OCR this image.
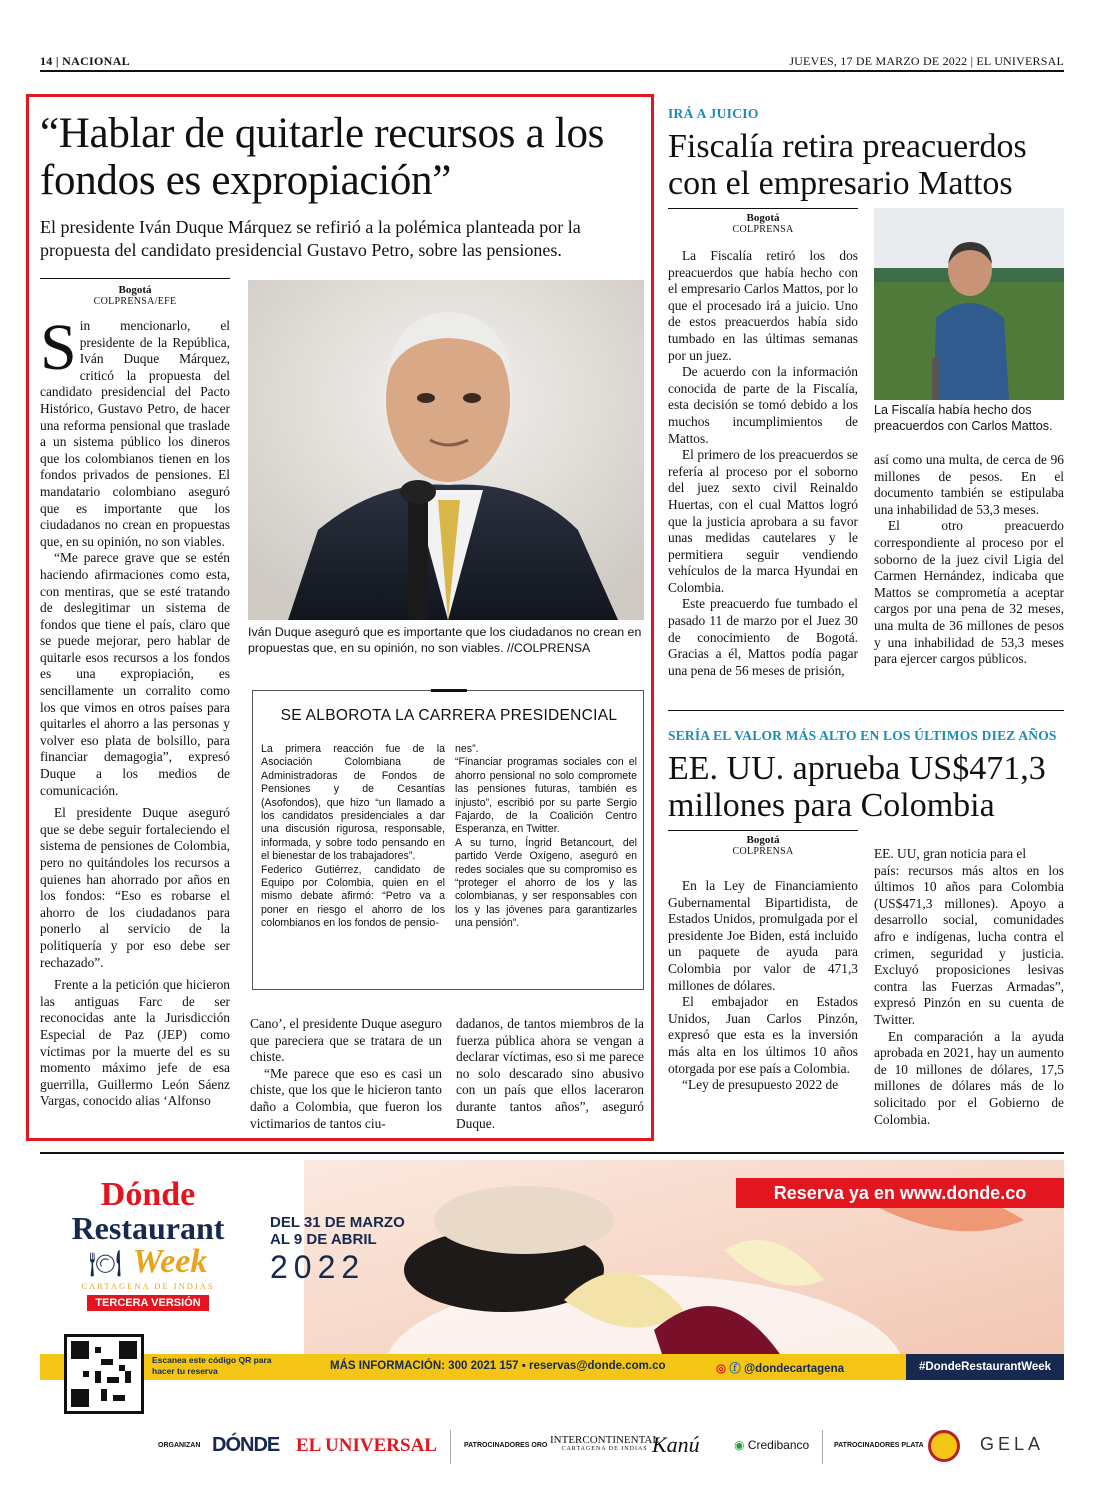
14 | NACIONAL	JUEVES, 17 DE MARZO DE 2022 | EL UNIVERSAL
“Hablar de quitarle recursos a los fondos es expropiación”

El presidente Iván Duque Márquez se refirió a la polémica planteada por la propuesta del candidato presidencial Gustavo Petro, sobre las pensiones.

Bogotá
COLPRENSA/EFE
S in mencionarlo, el presidente de la República, Iván Duque Márquez, criticó la propuesta del candidato presidencial del Pacto Histórico, Gustavo Petro, de hacer una reforma pensional que traslade a un sistema público los dineros que los colombianos tienen en los fondos privados de pensiones. El mandatario colombiano aseguró que es importante que los ciudadanos no crean en propuestas que, en su opinión, no son viables.

“Me parece grave que se estén haciendo afirmaciones como esta, con mentiras, que se esté tratando de deslegitimar un sistema de fondos que tiene el país, claro que se puede mejorar, pero hablar de quitarle esos recursos a los fondos es una expropiación, es sencillamente un corralito como los que vimos en otros países para quitarles el ahorro a las personas y volver eso plata de bolsillo, para financiar demagogia”, expresó Duque a los medios de comunicación.

El presidente Duque aseguró que se debe seguir fortaleciendo el sistema de pensiones de Colombia, pero no quitándoles los recursos a quienes han ahorrado por años en los fondos: “Eso es robarse el ahorro de los ciudadanos para ponerlo al servicio de la politiquería y por eso debe ser rechazado”.

Frente a la petición que hicieron las antiguas Farc de ser reconocidas ante la Jurisdicción Especial de Paz (JEP) como víctimas por la muerte del es su momento máximo jefe de esa guerrilla, Guillermo León Sáenz Vargas, conocido alias ‘Alfonso

Iván Duque aseguró que es importante que los ciudadanos no crean en propuestas que, en su opinión, no son viables. //COLPRENSA

SE ALBOROTA LA CARRERA PRESIDENCIAL

La primera reacción fue de la Asociación Colombiana de Administradoras de Fondos de Pensiones y de Cesantías (Asofondos), que hizo “un llamado a los candidatos presidenciales a dar una discusión rigurosa, responsable, informada, y sobre todo pensando en el bienestar de los trabajadores”.

Federico Gutiérrez, candidato de Equipo por Colombia, quien en el mismo debate afirmó: “Petro va a poner en riesgo el ahorro de los colombianos en los fondos de pensio-

nes”.

“Financiar programas sociales con el ahorro pensional no solo compromete las pensiones futuras, también es injusto”, escribió por su parte Sergio Fajardo, de la Coalición Centro Esperanza, en Twitter.

A su turno, Íngrid Betancourt, del partido Verde Oxígeno, aseguró en redes sociales que su compromiso es “proteger el ahorro de los y las colombianas, y ser responsables con los y las jóvenes para garantizarles una pensión”.

Cano’, el presidente Duque aseguro que pareciera que se tratara de un chiste.

“Me parece que eso es casi un chiste, que los que le hicieron tanto daño a Colombia, que fueron los victimarios de tantos ciu-

dadanos, de tantos miembros de la fuerza pública ahora se vengan a declarar víctimas, eso si me parece no solo descarado sino abusivo con un país que ellos laceraron durante tantos años”, aseguró Duque.

IRÁ A JUICIO
Fiscalía retira preacuerdos con el empresario Mattos
Bogotá
COLPRENSA

La Fiscalía retiró los dos preacuerdos que había hecho con el empresario Carlos Mattos, por lo que el procesado irá a juicio. Uno de estos preacuerdos había sido tumbado en las últimas semanas por un juez.

De acuerdo con la información conocida de parte de la Fiscalía, esta decisión se tomó debido a los muchos incumplimientos de Mattos.

El primero de los preacuerdos se refería al proceso por el soborno del juez sexto civil Reinaldo Huertas, con el cual Mattos logró que la justicia aprobara a su favor unas medidas cautelares y le permitiera seguir vendiendo vehículos de la marca Hyundai en Colombia.

Este preacuerdo fue tumbado el pasado 11 de marzo por el Juez 30 de conocimiento de Bogotá. Gracias a él, Mattos podía pagar una pena de 56 meses de prisión,

La Fiscalía había hecho dos preacuerdos con Carlos Mattos.

así como una multa, de cerca de 96 millones de pesos. En el documento también se estipulaba una inhabilidad de 53,3 meses.

El otro preacuerdo correspondiente al proceso por el soborno de la juez civil Ligia del Carmen Hernández, indicaba que Mattos se comprometía a aceptar cargos por una pena de 32 meses, una multa de 36 millones de pesos y una inhabilidad de 53,3 meses para ejercer cargos públicos.

SERÍA EL VALOR MÁS ALTO EN LOS ÚLTIMOS DIEZ AÑOS
EE. UU. aprueba US$471,3 millones para Colombia
Bogotá
COLPRENSA

En la Ley de Financiamiento Gubernamental Bipartidista, de Estados Unidos, promulgada por el presidente Joe Biden, está incluido un paquete de ayuda para Colombia por valor de 471,3 millones de dólares.

El embajador en Estados Unidos, Juan Carlos Pinzón, expresó que esta es la inversión más alta en los últimos 10 años otorgada por ese país a Colombia.

“Ley de presupuesto 2022 de

EE. UU, gran noticia para el

país: recursos más altos en los últimos 10 años para Colombia (US$471,3 millones). Apoyo a desarrollo social, comunidades afro e indígenas, lucha contra el crimen, seguridad y justicia. Excluyó proposiciones lesivas contra las Fuerzas Armadas”, expresó Pinzón en su cuenta de Twitter.

En comparación a la ayuda aprobada en 2021, hay un aumento de 10 millones de dólares, 17,5 millones de dólares más de lo solicitado por el Gobierno de Colombia.

Dónde
Restaurant
🍽 Week
CARTAGENA DE INDIAS
TERCERA VERSIÓN
DEL 31 DE MARZO
AL 9 DE ABRIL
2022
Reserva ya en www.donde.co
Escanea este código QR para hacer tu reserva	MÁS INFORMACIÓN: 300 2021 157 ▪ reservas@donde.com.co	◎ ⓕ @dondecartagena	#DondeRestaurantWeek
ORGANIZAN DÓNDE EL UNIVERSAL	PATROCINADORES ORO INTERCONTINENTAL
CARTAGENA DE INDIAS Kanú	◉ Credibanco	PATROCINADORES PLATA	GELA
